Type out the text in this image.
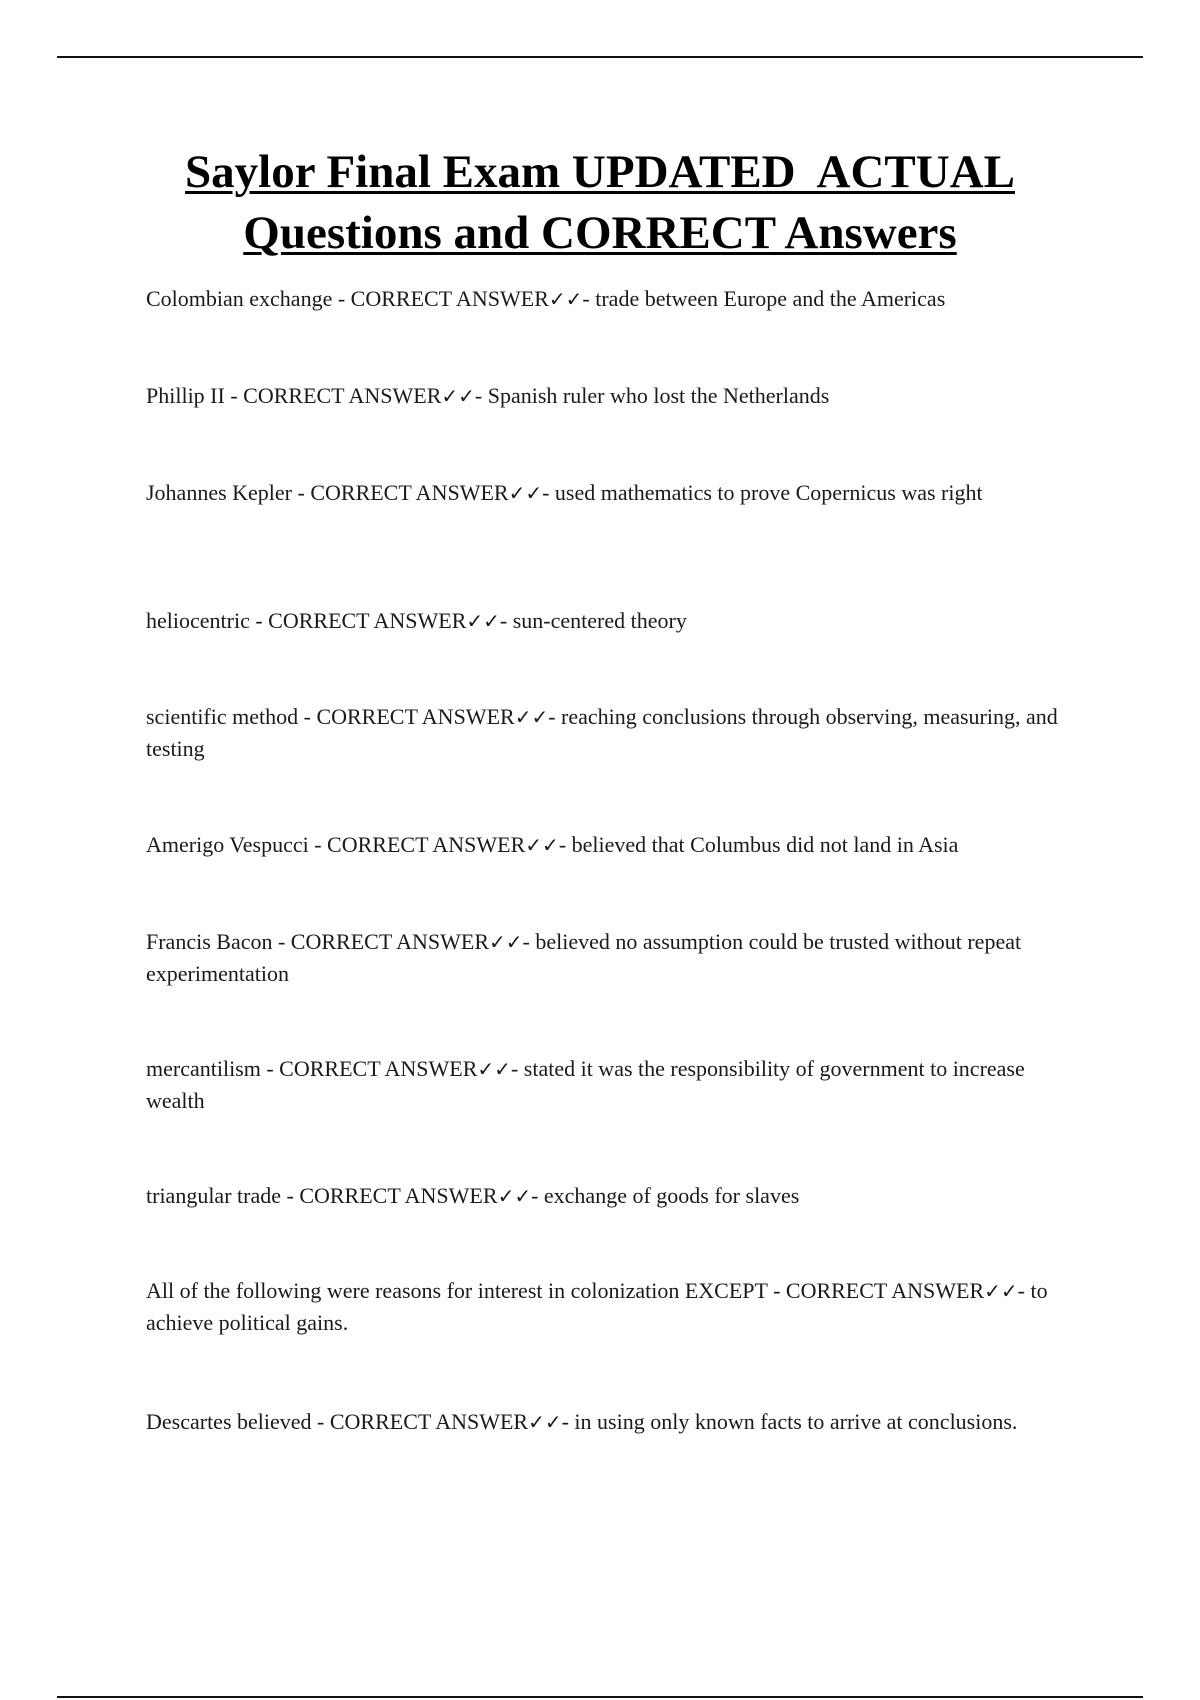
Saylor Final Exam UPDATED  ACTUAL
Questions and CORRECT Answers

Colombian exchange - CORRECT ANSWER✓✓- trade between Europe and the Americas

Phillip II - CORRECT ANSWER✓✓- Spanish ruler who lost the Netherlands

Johannes Kepler - CORRECT ANSWER✓✓- used mathematics to prove Copernicus was right

heliocentric - CORRECT ANSWER✓✓- sun-centered theory

scientific method - CORRECT ANSWER✓✓- reaching conclusions through observing, measuring, and testing

Amerigo Vespucci - CORRECT ANSWER✓✓- believed that Columbus did not land in Asia

Francis Bacon - CORRECT ANSWER✓✓- believed no assumption could be trusted without repeat experimentation

mercantilism - CORRECT ANSWER✓✓- stated it was the responsibility of government to increase wealth

triangular trade - CORRECT ANSWER✓✓- exchange of goods for slaves

All of the following were reasons for interest in colonization EXCEPT - CORRECT ANSWER✓✓- to achieve political gains.

Descartes believed - CORRECT ANSWER✓✓- in using only known facts to arrive at conclusions.
